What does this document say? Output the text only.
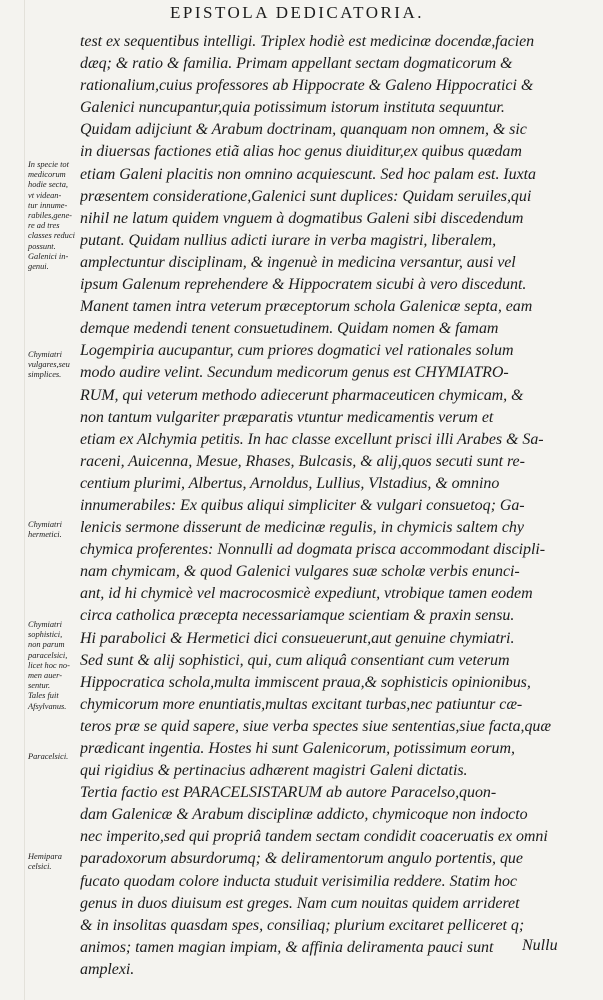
EPISTOLA DEDICATORIA.
test ex sequentibus intelligi. Triplex hodiè est medicinæ docendæ,facien
dæq; & ratio & familia. Primam appellant sectam dogmaticorum &
rationalium,cuius professores ab Hippocrate & Galeno Hippocratici &
Galenici nuncupantur,quia potissimum istorum instituta sequuntur.
Quidam adijciunt & Arabum doctrinam, quanquam non omnem, & sic
in diuersas factiones etiã alias hoc genus diuiditur,ex quibus quædam
etiam Galeni placitis non omnino acquiescunt. Sed hoc palam est. Iuxta
præsentem consideratione,Galenici sunt duplices: Quidam seruiles,qui
nihil ne latum quidem vnguem à dogmatibus Galeni sibi discedendum
putant. Quidam nullius adicti iurare in verba magistri, liberalem,
amplectuntur disciplinam, & ingenuè in medicina versantur, ausi vel
ipsum Galenum reprehendere & Hippocratem sicubi à vero discedunt.
Manent tamen intra veterum præceptorum schola Galenicæ septa, eam
demque medendi tenent consuetudinem. Quidam nomen & famam
Logempiria aucupantur, cum priores dogmatici vel rationales solum
modo audire velint. Secundum medicorum genus est CHYMIATRO-
RUM, qui veterum methodo adiecerunt pharmaceuticen chymicam, &
non tantum vulgariter præparatis vtuntur medicamentis verum et
etiam ex Alchymia petitis. In hac classe excellunt prisci illi Arabes & Sa-
raceni, Auicenna, Mesue, Rhases, Bulcasis, & alij,quos secuti sunt re-
centium plurimi, Albertus, Arnoldus, Lullius, Vlstadius, & omnino
innumerabiles: Ex quibus aliqui simpliciter & vulgari consuetoq; Ga-
lenicis sermone disserunt de medicinæ regulis, in chymicis saltem chy
chymica proferentes: Nonnulli ad dogmata prisca accommodant discipli-
nam chymicam, & quod Galenici vulgares suæ scholæ verbis enunci-
ant, id hi chymicè vel macrocosmicè expediunt, vtrobique tamen eodem
circa catholica præcepta necessariamque scientiam & praxin sensu.
Hi parabolici & Hermetici dici consueuerunt,aut genuine chymiatri.
Sed sunt & alij sophistici, qui, cum aliquâ consentiant cum veterum
Hippocratica schola,multa immiscent praua,& sophisticis opinionibus,
chymicorum more enuntiatis,multas excitant turbas,nec patiuntur cæ-
teros præ se quid sapere, siue verba spectes siue sententias,siue facta,quæ
prædicant ingentia. Hostes hi sunt Galenicorum, potissimum eorum,
qui rigidius & pertinacius adhærent magistri Galeni dictatis.
Tertia factio est PARACELSISTARUM ab autore Paracelso,quon-
dam Galenicæ & Arabum disciplinæ addicto, chymicoque non indocto
nec imperito,sed qui propriâ tandem sectam condidit coaceruatis ex omni
paradoxorum absurdorumq; & deliramentorum angulo portentis, que
fucato quodam colore inducta studuit verisimilia reddere. Statim hoc
genus in duos diuisum est greges. Nam cum nouitas quidem arrideret
& in insolitas quasdam spes, consiliaq; plurium excitaret pelliceret q;
animos; tamen magian impiam, & affinia deliramenta pauci sunt
amplexi.
In specie tot
medicorum
hodie secta,
vt videan-
tur innume-
rabiles,gene-
re ad tres
classes reduci
possunt.
Galenici in-
genui.
Chymiatri
vulgares,seu
simplices.
Chymiatri
hermetici.
Chymiatri
sophistici,
non parum
paracelsici,
licet hoc no-
men auer-
sentur.
Tales fuit
Afsylvanus.
Paracelsici.
Hemipara
celsici.
Nullu
